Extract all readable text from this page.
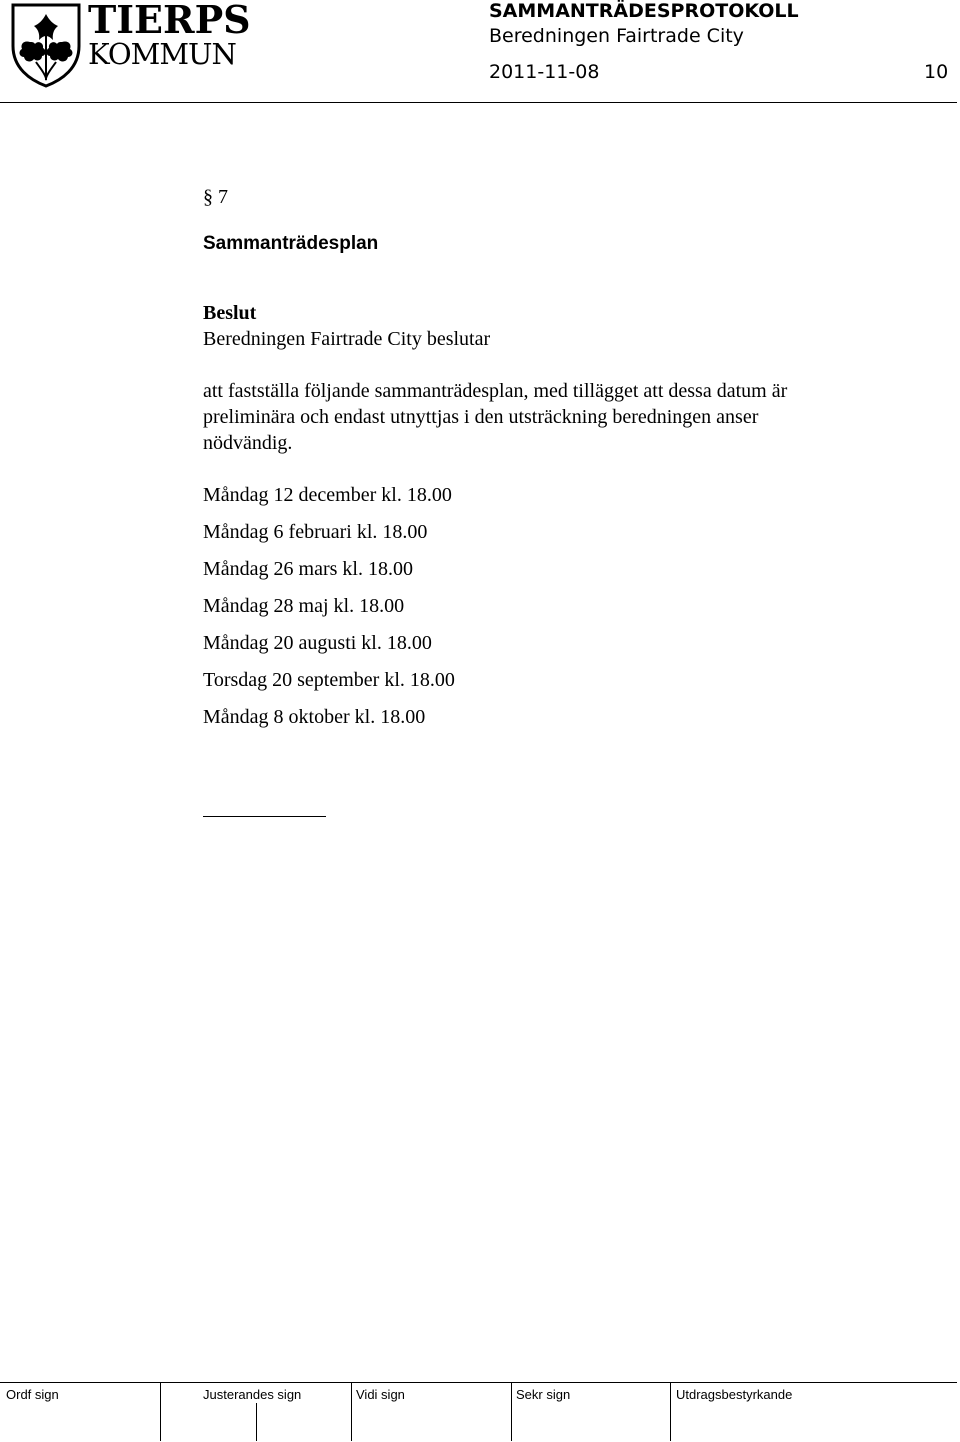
TIERPS
KOMMUN
SAMMANTRÄDESPROTOKOLL
Beredningen Fairtrade City
2011-11-08	10
§ 7
Sammanträdesplan
Beslut
Beredningen Fairtrade City beslutar
att fastställa följande sammanträdesplan, med tillägget att dessa datum är
preliminära och endast utnyttjas i den utsträckning beredningen anser
nödvändig.
Måndag 12 december kl. 18.00
Måndag 6 februari kl. 18.00
Måndag 26 mars kl. 18.00
Måndag 28 maj kl. 18.00
Måndag 20 augusti kl. 18.00
Torsdag 20 september kl. 18.00
Måndag 8 oktober kl. 18.00
Ordf sign	Justerandes sign	Vidi sign	Sekr sign	Utdragsbestyrkande
